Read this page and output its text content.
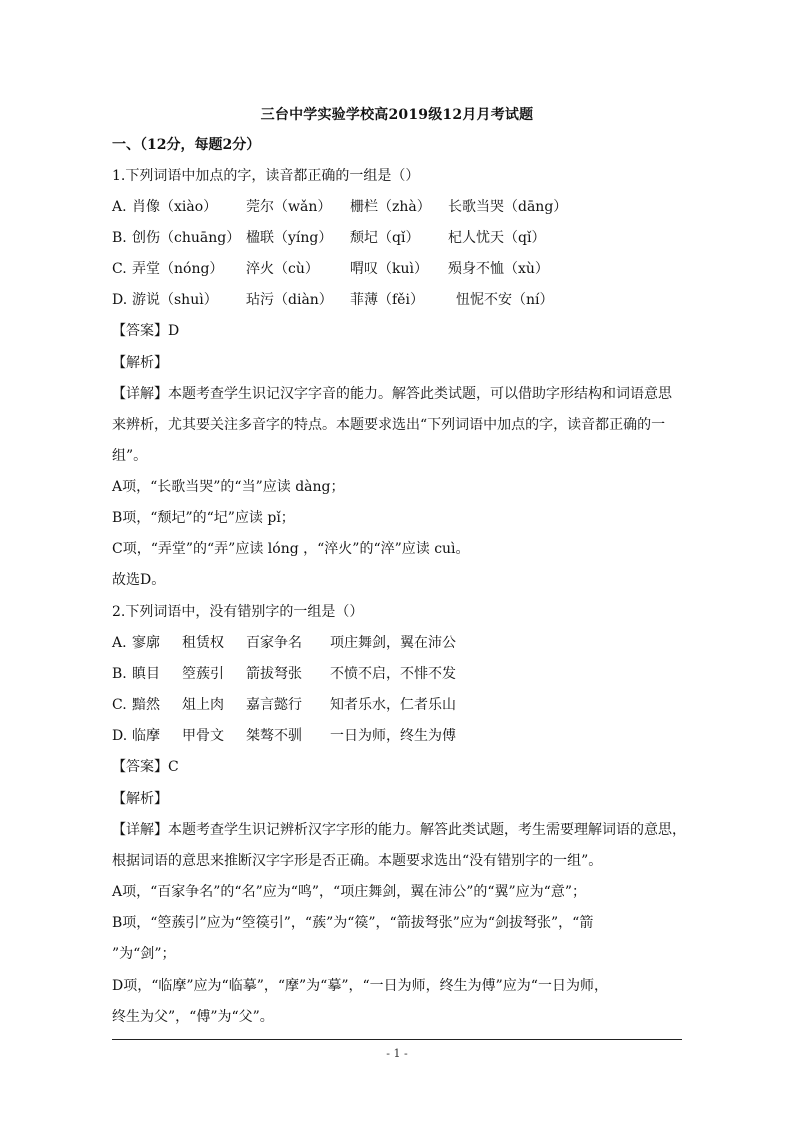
三台中学实验学校高2019级12月月考试题
一、（12分，每题2分）
1.下列词语中加点的字，读音都正确的一组是（）
A. 肖像（xiào） 莞尔（wǎn） 栅栏（zhà） 长歌当哭（dāng）
B. 创伤（chuāng） 楹联（yíng） 颓圮（qǐ） 杞人忧天（qǐ）
C. 弄堂（nóng） 淬火（cù） 喟叹（kuì） 殒身不恤（xù）
D. 游说（shuì） 玷污（diàn） 菲薄（fěi） 忸怩不安（ní）
【答案】D
【解析】
【详解】本题考查学生识记汉字字音的能力。解答此类试题，可以借助字形结构和词语意思
来辨析，尤其要关注多音字的特点。本题要求选出“下列词语中加点的字，读音都正确的一
组”。
A项，“长歌当哭”的“当”应读 dàng；
B项，“颓圮”的“圮”应读 pǐ；
C项，“弄堂”的“弄”应读 lóng ，“淬火”的“淬”应读 cuì。
故选D。
2.下列词语中，没有错别字的一组是（）
A. 寥廓 租赁权 百家争名 项庄舞剑，翼在沛公
B. 瞋目 箜蔟引 箭拔弩张 不愤不启，不悱不发
C. 黯然 俎上肉 嘉言懿行 知者乐水，仁者乐山
D. 临摩 甲骨文 桀骜不驯 一日为师，终生为傅
【答案】C
【解析】
【详解】本题考查学生识记辨析汉字字形的能力。解答此类试题，考生需要理解词语的意思，
根据词语的意思来推断汉字字形是否正确。本题要求选出“没有错别字的一组”。
A项，“百家争名”的“名”应为“鸣”，“项庄舞剑，翼在沛公”的“翼”应为“意”；
B项，“箜蔟引”应为“箜篌引”，“蔟”为“篌”，“箭拔弩张”应为“剑拔弩张”，“箭
”为“剑”；
D项，“临摩”应为“临摹”，“摩”为“摹”，“一日为师，终生为傅”应为“一日为师，
终生为父”，“傅”为“父”。
- 1 -
